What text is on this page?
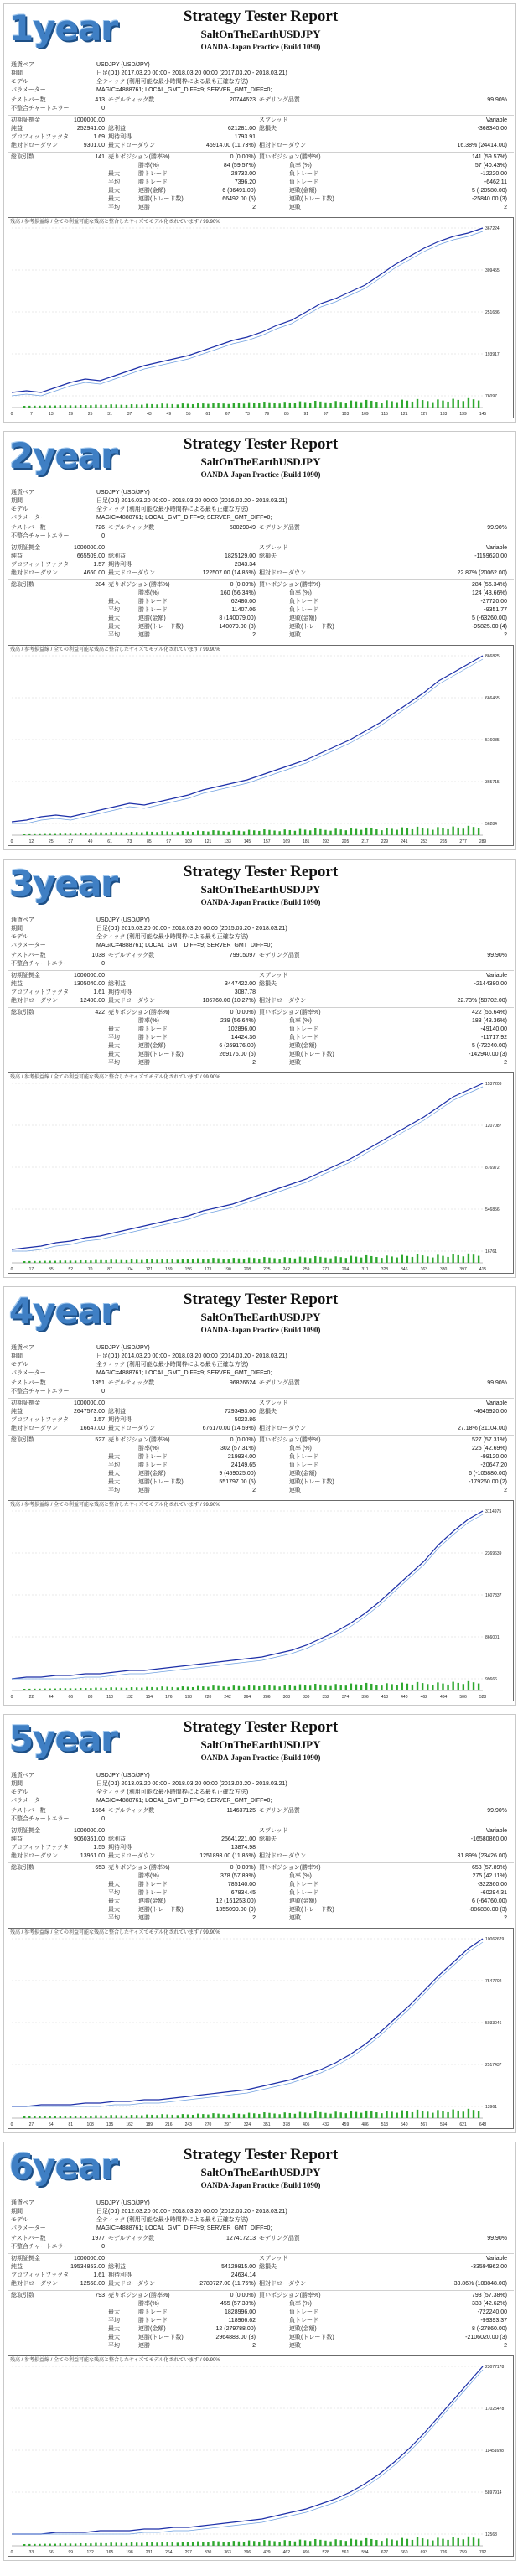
1year	Strategy Tester Report
SaltOnTheEarthUSDJPY
OANDA-Japan Practice (Build 1090)
通貨ペア	USDJPY (USD/JPY)
期間	日足(D1) 2017.03.20 00:00 - 2018.03.20 00:00 (2017.03.20 - 2018.03.21)
モデル	全ティック (利用可能な最小時間枠による最も正確な方法)
パラメーター	MAGIC=4888761; LOCAL_GMT_DIFF=9; SERVER_GMT_DIFF=0;
テストバー数	413 モデルティック数	20744623 モデリング品質	99.90%
不整合チャートエラー	0
初期証拠金	1000000.00	スプレッド	Variable
純益	252941.00 総利益	621281.00 総損失	-368340.00
プロフィットファクタ	1.69 期待利得	1793.91
絶対ドローダウン	9301.00 最大ドローダウン	46914.00 (11.73%) 相対ドローダウン	16.38% (24414.00)
総取引数	141 売りポジション(勝率%)	0 (0.00%) 買いポジション(勝率%)	141 (59.57%)
勝率(%)	84 (59.57%)	負率 (%)	57 (40.43%)
最大	勝トレード	28733.00	負トレード	-12220.00
平均	勝トレード	7396.20	負トレード	-6462.11
最大	連勝(金額)	6 (36491.00)	連敗(金額)	5 (-20580.00)
最大	連勝(トレード数)	66492.00 (5)	連敗(トレード数)	-25840.00 (3)
平均	連勝	2	連敗	2
残高 / 参考損益線 / 全ての利益可能な残高と整合したサイズでモデル化されています / 99.90%
367224
309455
251686
193917
76097
0	7	13	19	25	31	37	43	49	55	61	67	73	79	85	91	97	103	109	115	121	127	133	139	145
2year	Strategy Tester Report
SaltOnTheEarthUSDJPY
OANDA-Japan Practice (Build 1090)
通貨ペア	USDJPY (USD/JPY)
期間	日足(D1) 2016.03.20 00:00 - 2018.03.20 00:00 (2016.03.20 - 2018.03.21)
モデル	全ティック (利用可能な最小時間枠による最も正確な方法)
パラメーター	MAGIC=4888761; LOCAL_GMT_DIFF=9; SERVER_GMT_DIFF=0;
テストバー数	726 モデルティック数	58029049 モデリング品質	99.90%
不整合チャートエラー	0
初期証拠金	1000000.00	スプレッド	Variable
純益	665509.00 総利益	1825129.00 総損失	-1159620.00
プロフィットファクタ	1.57 期待利得	2343.34
絶対ドローダウン	4660.00 最大ドローダウン	122507.00 (14.85%) 相対ドローダウン	22.87% (20062.00)
総取引数	284 売りポジション(勝率%)	0 (0.00%) 買いポジション(勝率%)	284 (56.34%)
勝率(%)	160 (56.34%)	負率 (%)	124 (43.66%)
最大	勝トレード	62480.00	負トレード	-27720.00
平均	勝トレード	11407.06	負トレード	-9351.77
最大	連勝(金額)	8 (140079.00)	連敗(金額)	5 (-63260.00)
最大	連勝(トレード数)	140079.00 (8)	連敗(トレード数)	-95825.00 (4)
平均	連勝	2	連敗	2
残高 / 参考損益線 / 全ての利益可能な残高と整合したサイズでモデル化されています / 99.90%
866825
666455
516085
365715
56284
0	12	25	37	49	61	73	85	97	109	121	133	145	157	169	181	193	205	217	229	241	253	265	277	289
3year	Strategy Tester Report
SaltOnTheEarthUSDJPY
OANDA-Japan Practice (Build 1090)
通貨ペア	USDJPY (USD/JPY)
期間	日足(D1) 2015.03.20 00:00 - 2018.03.20 00:00 (2015.03.20 - 2018.03.21)
モデル	全ティック (利用可能な最小時間枠による最も正確な方法)
パラメーター	MAGIC=4888761; LOCAL_GMT_DIFF=9; SERVER_GMT_DIFF=0;
テストバー数	1038 モデルティック数	79915097 モデリング品質	99.90%
不整合チャートエラー	0
初期証拠金	1000000.00	スプレッド	Variable
純益	1305040.00 総利益	3447422.00 総損失	-2144380.00
プロフィットファクタ	1.61 期待利得	3087.78
絶対ドローダウン	12400.00 最大ドローダウン	186760.00 (10.27%) 相対ドローダウン	22.73% (58702.00)
総取引数	422 売りポジション(勝率%)	0 (0.00%) 買いポジション(勝率%)	422 (56.64%)
勝率(%)	239 (56.64%)	負率 (%)	183 (43.36%)
最大	勝トレード	102896.00	負トレード	-49140.00
平均	勝トレード	14424.36	負トレード	-11717.92
最大	連勝(金額)	6 (269176.00)	連敗(金額)	5 (-72240.00)
最大	連勝(トレード数)	269176.00 (6)	連敗(トレード数)	-142940.00 (3)
平均	連勝	2	連敗	2
残高 / 参考損益線 / 全ての利益可能な残高と整合したサイズでモデル化されています / 99.90%
1537203
1207087
876972
546856
16761
0	17	35	52	70	87	104	121	139	156	173	190	208	225	242	259	277	294	311	328	346	363	380	397	415
4year	Strategy Tester Report
SaltOnTheEarthUSDJPY
OANDA-Japan Practice (Build 1090)
通貨ペア	USDJPY (USD/JPY)
期間	日足(D1) 2014.03.20 00:00 - 2018.03.20 00:00 (2014.03.20 - 2018.03.21)
モデル	全ティック (利用可能な最小時間枠による最も正確な方法)
パラメーター	MAGIC=4888761; LOCAL_GMT_DIFF=9; SERVER_GMT_DIFF=0;
テストバー数	1351 モデルティック数	96826624 モデリング品質	99.90%
不整合チャートエラー	0
初期証拠金	1000000.00	スプレッド	Variable
純益	2647573.00 総利益	7293493.00 総損失	-4645920.00
プロフィットファクタ	1.57 期待利得	5023.86
絶対ドローダウン	16647.00 最大ドローダウン	676170.00 (14.59%) 相対ドローダウン	27.18% (31104.00)
総取引数	527 売りポジション(勝率%)	0 (0.00%) 買いポジション(勝率%)	527 (57.31%)
勝率(%)	302 (57.31%)	負率 (%)	225 (42.69%)
最大	勝トレード	219834.00	負トレード	-99120.00
平均	勝トレード	24149.65	負トレード	-20647.20
最大	連勝(金額)	9 (459025.00)	連敗(金額)	6 (-105880.00)
最大	連勝(トレード数)	551797.00 (5)	連敗(トレード数)	-179260.00 (2)
平均	連勝	2	連敗	2
残高 / 参考損益線 / 全ての利益可能な残高と整合したサイズでモデル化されています / 99.90%
3114975
2369639
1607337
866001
99666
0	22	44	66	88	110	132	154	176	198	220	242	264	286	308	330	352	374	396	418	440	462	484	506	528
5year	Strategy Tester Report
SaltOnTheEarthUSDJPY
OANDA-Japan Practice (Build 1090)
通貨ペア	USDJPY (USD/JPY)
期間	日足(D1) 2013.03.20 00:00 - 2018.03.20 00:00 (2013.03.20 - 2018.03.21)
モデル	全ティック (利用可能な最小時間枠による最も正確な方法)
パラメーター	MAGIC=4888761; LOCAL_GMT_DIFF=9; SERVER_GMT_DIFF=0;
テストバー数	1664 モデルティック数	114637125 モデリング品質	99.90%
不整合チャートエラー	0
初期証拠金	1000000.00	スプレッド	Variable
純益	9060361.00 総利益	25641221.00 総損失	-16580860.00
プロフィットファクタ	1.55 期待利得	13874.98
絶対ドローダウン	13961.00 最大ドローダウン	1251893.00 (11.85%) 相対ドローダウン	31.89% (23426.00)
総取引数	653 売りポジション(勝率%)	0 (0.00%) 買いポジション(勝率%)	653 (57.89%)
勝率(%)	378 (57.89%)	負率 (%)	275 (42.11%)
最大	勝トレード	785140.00	負トレード	-322360.00
平均	勝トレード	67834.45	負トレード	-60294.31
最大	連勝(金額)	12 (161253.00)	連敗(金額)	6 (-64760.00)
最大	連勝(トレード数)	1355099.00 (9)	連敗(トレード数)	-886880.00 (3)
平均	連勝	2	連敗	2
残高 / 参考損益線 / 全ての利益可能な残高と整合したサイズでモデル化されています / 99.90%
10062679
7547702
5033046
2517437
13961
0	27	54	81	108	135	162	189	216	243	270	297	324	351	378	405	432	459	486	513	540	567	594	621	648
6year	Strategy Tester Report
SaltOnTheEarthUSDJPY
OANDA-Japan Practice (Build 1090)
通貨ペア	USDJPY (USD/JPY)
期間	日足(D1) 2012.03.20 00:00 - 2018.03.20 00:00 (2012.03.20 - 2018.03.21)
モデル	全ティック (利用可能な最小時間枠による最も正確な方法)
パラメーター	MAGIC=4888761; LOCAL_GMT_DIFF=9; SERVER_GMT_DIFF=0;
テストバー数	1977 モデルティック数	127417213 モデリング品質	99.90%
不整合チャートエラー	0
初期証拠金	1000000.00	スプレッド	Variable
純益	19534853.00 総利益	54129815.00 総損失	-33594962.00
プロフィットファクタ	1.61 期待利得	24634.14
絶対ドローダウン	12568.00 最大ドローダウン	2780727.00 (11.76%) 相対ドローダウン	33.86% (108848.00)
総取引数	793 売りポジション(勝率%)	0 (0.00%) 買いポジション(勝率%)	793 (57.38%)
勝率(%)	455 (57.38%)	負率 (%)	338 (42.62%)
最大	勝トレード	1828996.00	負トレード	-722240.00
平均	勝トレード	118966.62	負トレード	-99393.37
最大	連勝(金額)	12 (279788.00)	連敗(金額)	8 (-27860.00)
最大	連勝(トレード数)	2964888.00 (8)	連敗(トレード数)	-2106020.00 (3)
平均	連勝	2	連敗	2
残高 / 参考損益線 / 全ての利益可能な残高と整合したサイズでモデル化されています / 99.90%
23077178
17025478
11451698
5897914
12568
0	33	66	99	132	165	198	231	264	297	330	363	396	429	462	495	528	561	594	627	660	693	726	759	792
